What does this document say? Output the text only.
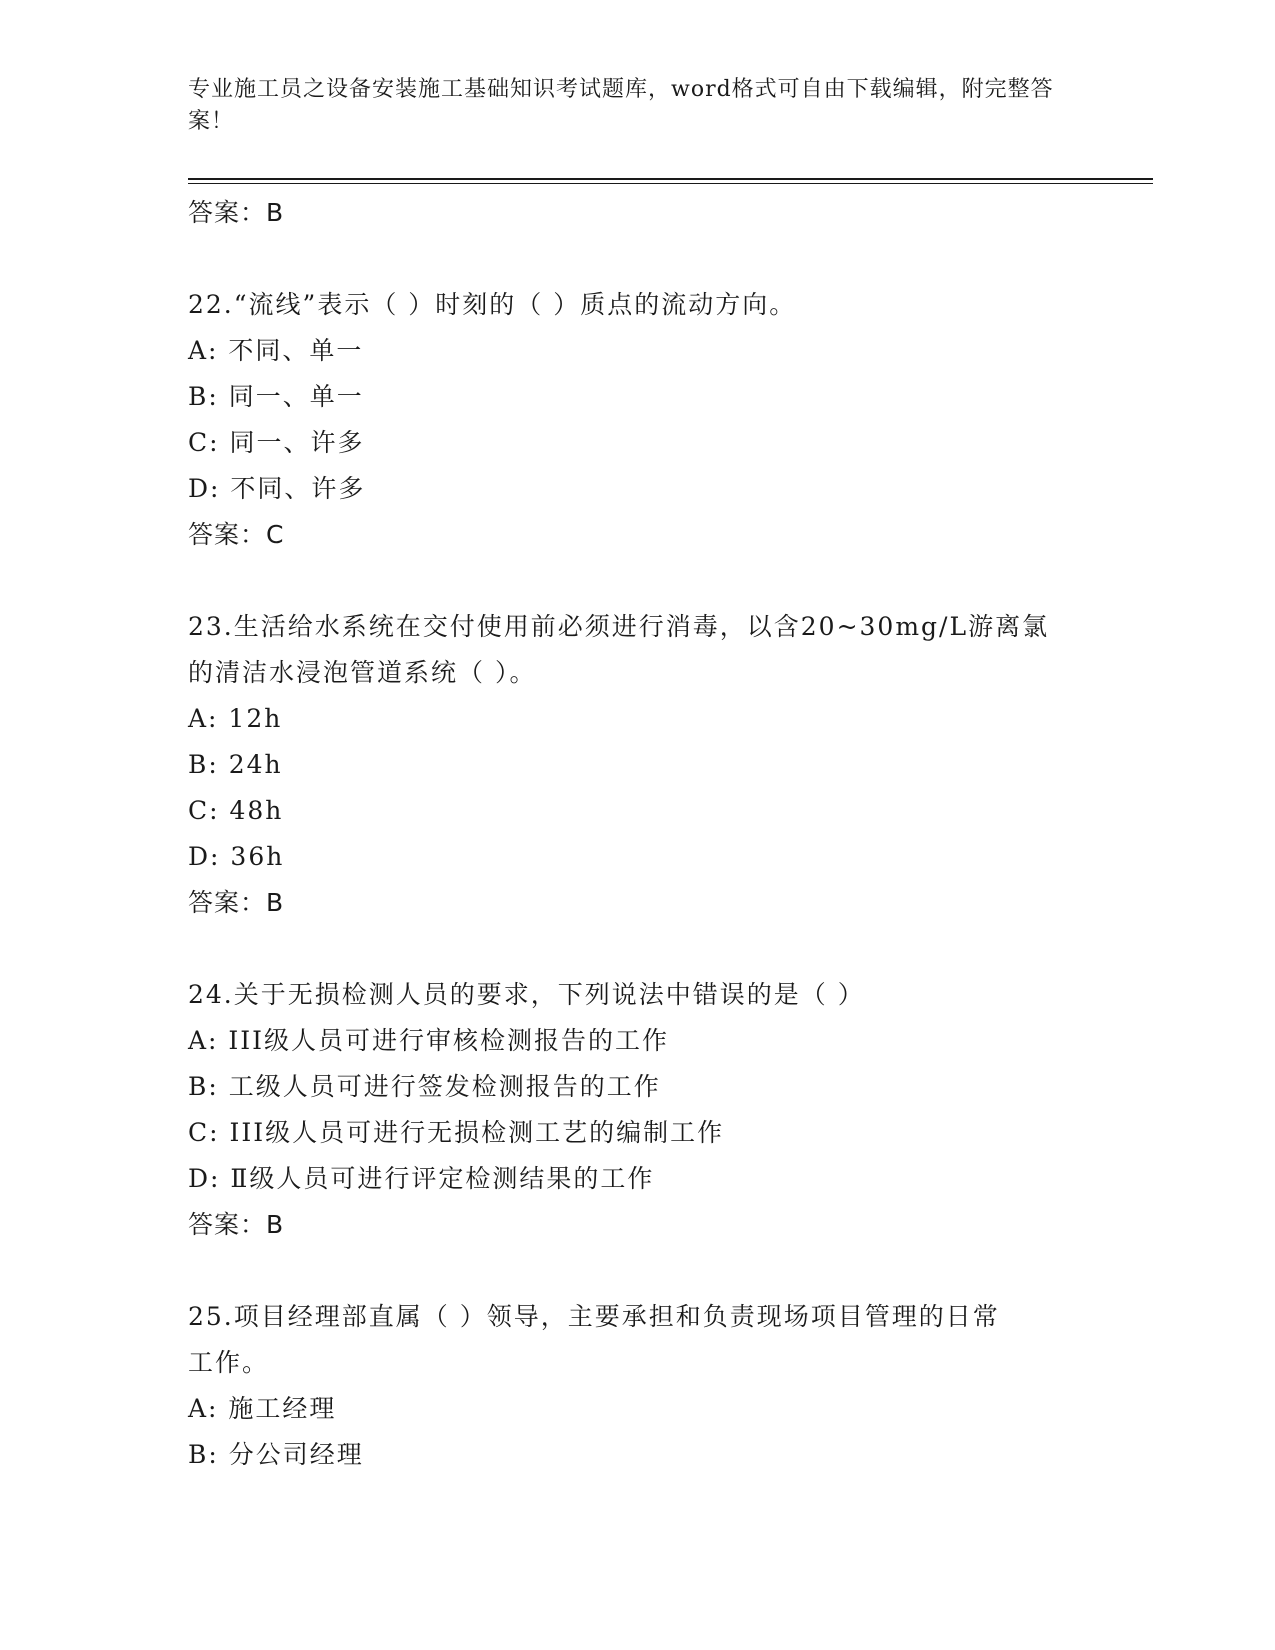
专业施工员之设备安装施工基础知识考试题库，word格式可自由下载编辑，附完整答案！
答案：B
22.“流线”表示（ ）时刻的（ ）质点的流动方向。
A: 不同、单一
B: 同一、单一
C: 同一、许多
D: 不同、许多
答案：C
23.生活给水系统在交付使用前必须进行消毒，以含20~30mg/L游离氯
的清洁水浸泡管道系统（ ）。
A: 12h
B: 24h
C: 48h
D: 36h
答案：B
24.关于无损检测人员的要求，下列说法中错误的是（ ）
A: III级人员可进行审核检测报告的工作
B: 工级人员可进行签发检测报告的工作
C: III级人员可进行无损检测工艺的编制工作
D: Ⅱ级人员可进行评定检测结果的工作
答案：B
25.项目经理部直属（ ）领导，主要承担和负责现场项目管理的日常
工作。
A: 施工经理
B: 分公司经理
